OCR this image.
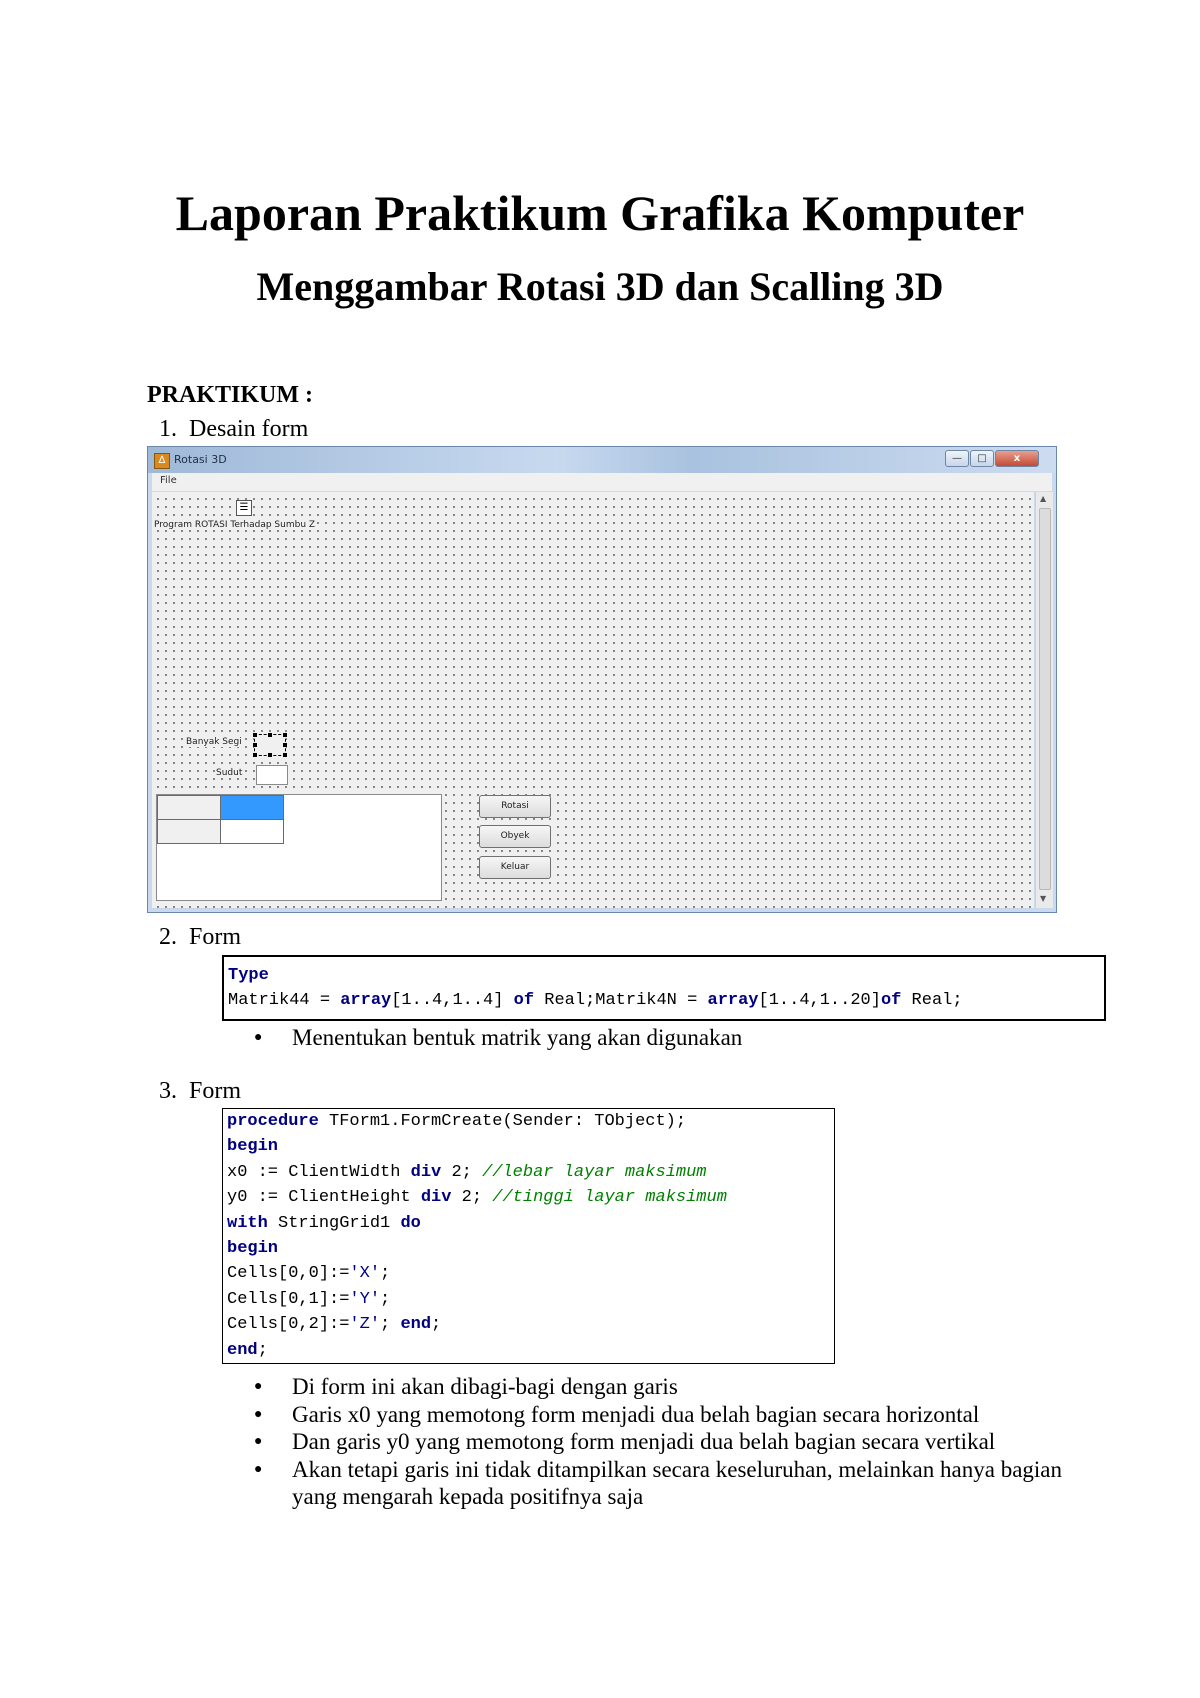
Laporan Praktikum Grafika Komputer
Menggambar Rotasi 3D dan Scalling 3D
PRAKTIKUM :
1. Desain form
∆ Rotasi 3D	—	□	x
File
☰
Program ROTASI Terhadap Sumbu Z
Banyak Segi
Sudut
Rotasi
Obyek
Keluar
▲
▼
2. Form
Type
Matrik44 = array[1..4,1..4] of Real;Matrik4N = array[1..4,1..20]of Real;
● Menentukan bentuk matrik yang akan digunakan
3. Form
procedure TForm1.FormCreate(Sender: TObject);
begin
x0 := ClientWidth div 2; //lebar layar maksimum
y0 := ClientHeight div 2; //tinggi layar maksimum
with StringGrid1 do
begin
Cells[0,0]:='X';
Cells[0,1]:='Y';
Cells[0,2]:='Z'; end;
end;
● Di form ini akan dibagi-bagi dengan garis
● Garis x0 yang memotong form menjadi dua belah bagian secara horizontal
● Dan garis y0 yang memotong form menjadi dua belah bagian secara vertikal
● Akan tetapi garis ini tidak ditampilkan secara keseluruhan, melainkan hanya bagian yang mengarah kepada positifnya saja
